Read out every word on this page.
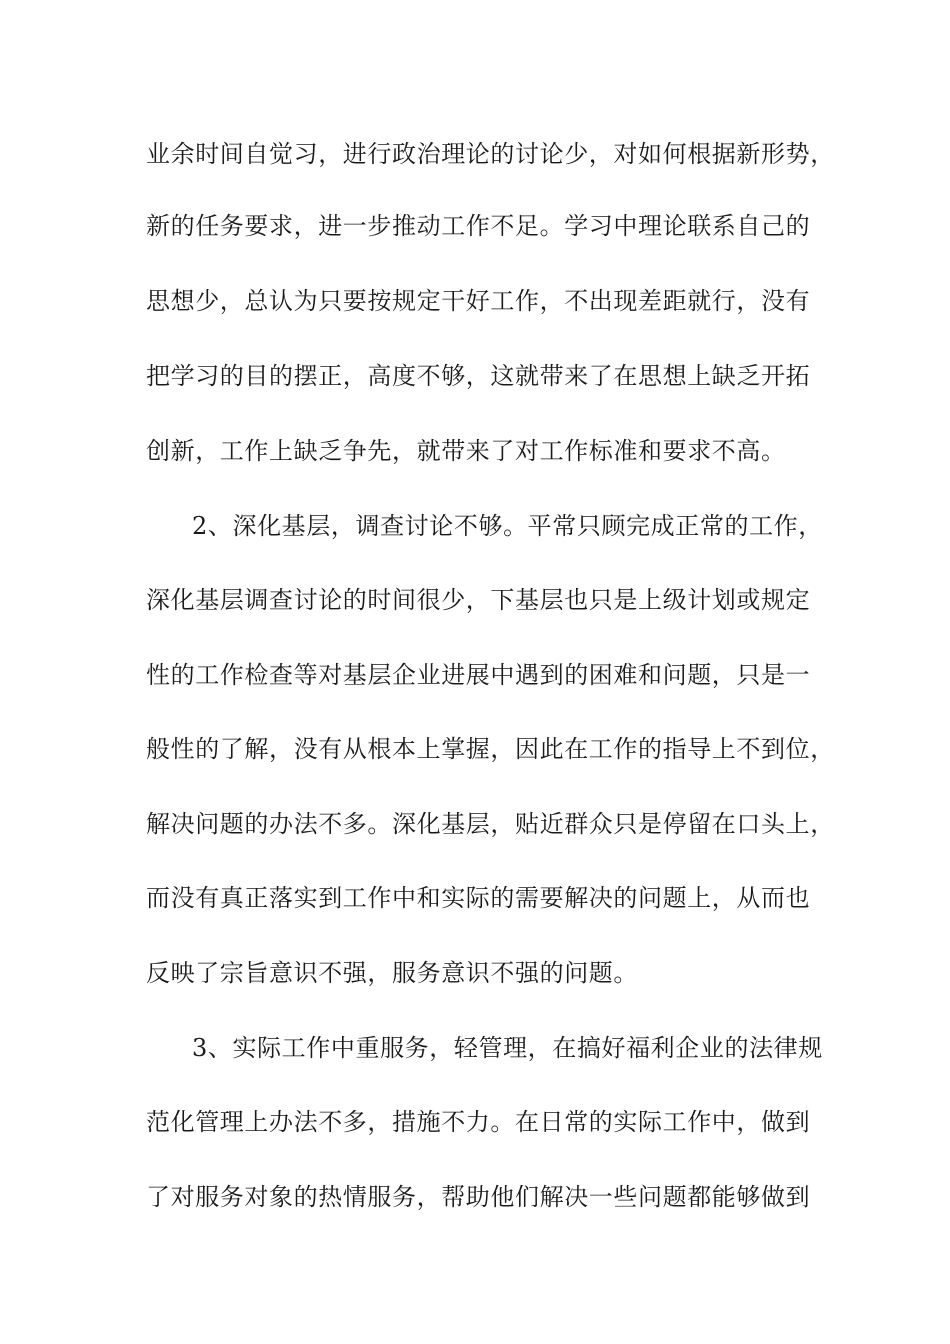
业余时间自觉习，进行政治理论的讨论少，对如何根据新形势，
新的任务要求，进一步推动工作不足。学习中理论联系自己的
思想少，总认为只要按规定干好工作，不出现差距就行，没有
把学习的目的摆正，高度不够，这就带来了在思想上缺乏开拓
创新，工作上缺乏争先，就带来了对工作标准和要求不高。
2、深化基层，调查讨论不够。平常只顾完成正常的工作，
深化基层调查讨论的时间很少，下基层也只是上级计划或规定
性的工作检查等对基层企业进展中遇到的困难和问题，只是一
般性的了解，没有从根本上掌握，因此在工作的指导上不到位，
解决问题的办法不多。深化基层，贴近群众只是停留在口头上，
而没有真正落实到工作中和实际的需要解决的问题上，从而也
反映了宗旨意识不强，服务意识不强的问题。
3、实际工作中重服务，轻管理，在搞好福利企业的法律规
范化管理上办法不多，措施不力。在日常的实际工作中，做到
了对服务对象的热情服务，帮助他们解决一些问题都能够做到
